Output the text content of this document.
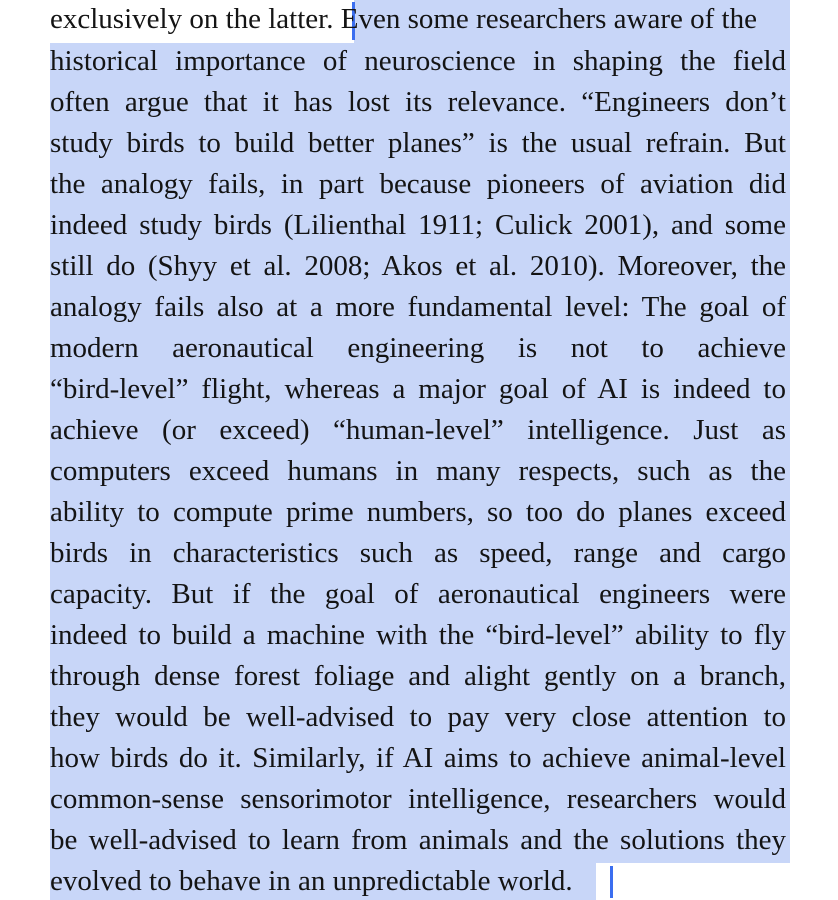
exclusively on the latter. Even some researchers aware of the
historical importance of neuroscience in shaping the field
often argue that it has lost its relevance. “Engineers don’t
study birds to build better planes” is the usual refrain. But
the analogy fails, in part because pioneers of aviation did
indeed study birds (Lilienthal 1911; Culick 2001), and some
still do (Shyy et al. 2008; Akos et al. 2010). Moreover, the
analogy fails also at a more fundamental level: The goal of
modern aeronautical engineering is not to achieve
“bird-level” flight, whereas a major goal of AI is indeed to
achieve (or exceed) “human-level” intelligence. Just as
computers exceed humans in many respects, such as the
ability to compute prime numbers, so too do planes exceed
birds in characteristics such as speed, range and cargo
capacity. But if the goal of aeronautical engineers were
indeed to build a machine with the “bird-level” ability to fly
through dense forest foliage and alight gently on a branch,
they would be well-advised to pay very close attention to
how birds do it. Similarly, if AI aims to achieve animal-level
common-sense sensorimotor intelligence, researchers would
be well-advised to learn from animals and the solutions they
evolved to behave in an unpredictable world.
